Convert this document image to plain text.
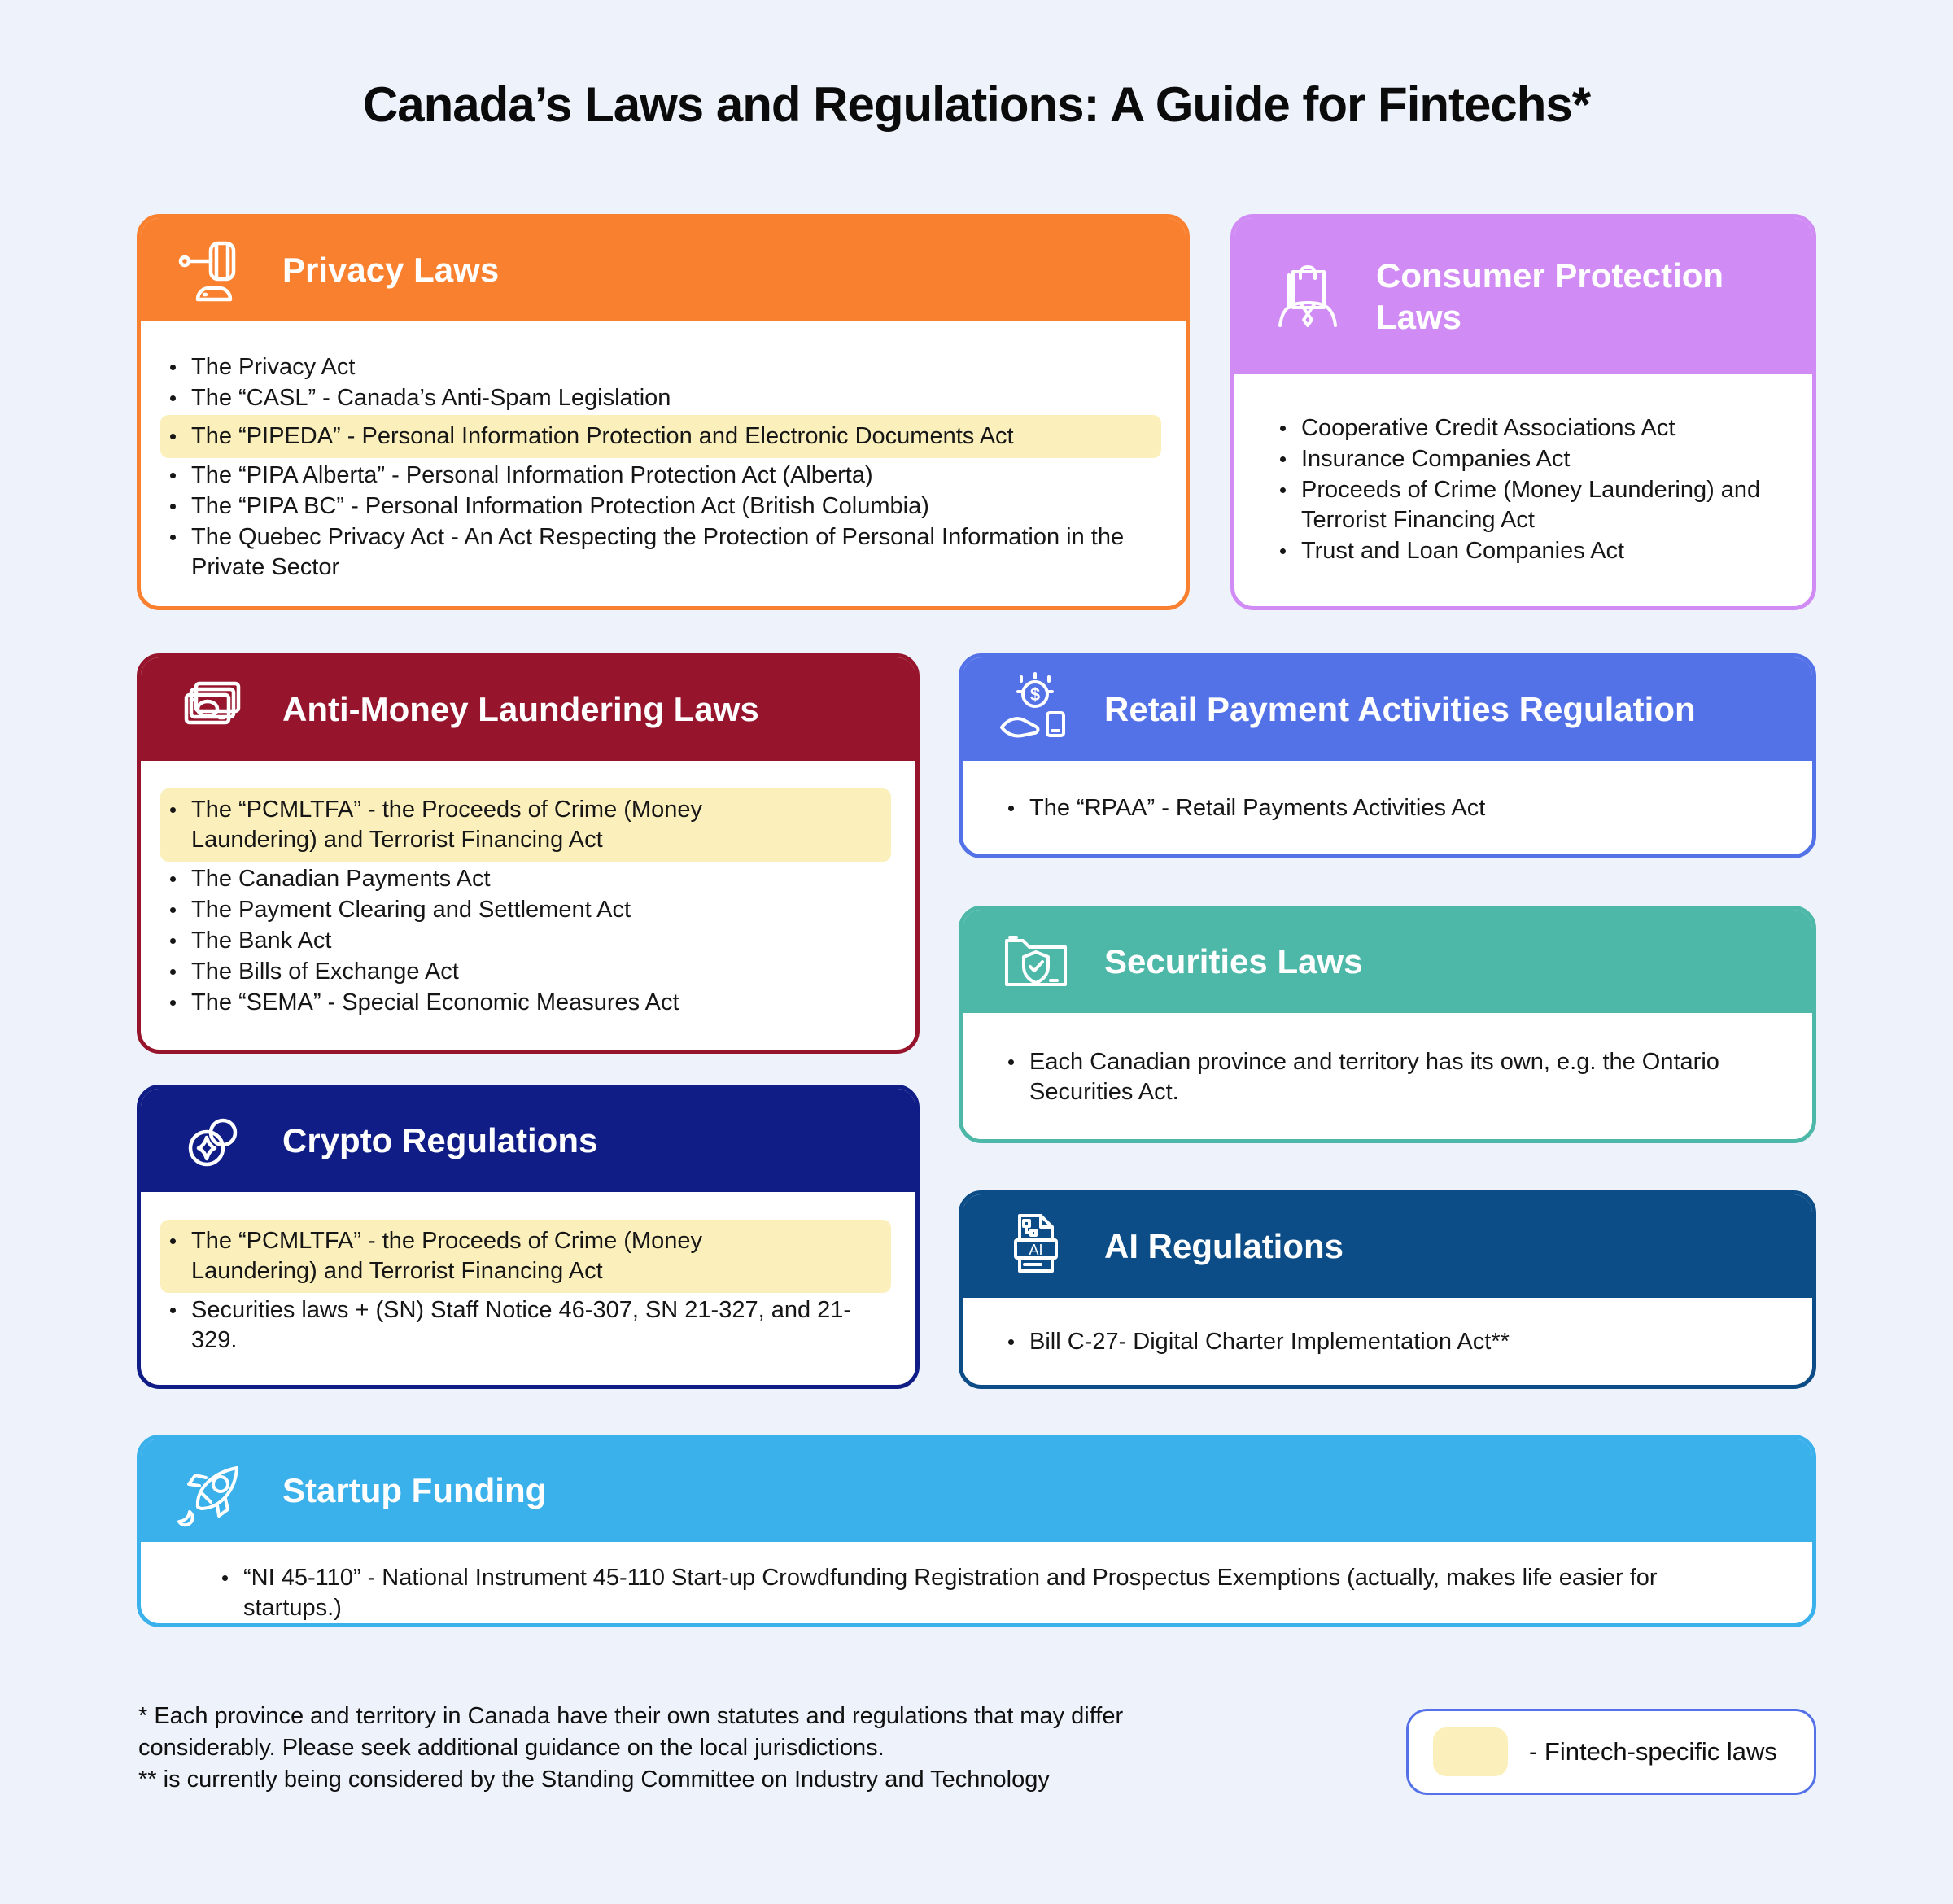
Canada’s Laws and Regulations: A Guide for Fintechs*
Privacy Laws
The Privacy Act
The “CASL” - Canada’s Anti-Spam Legislation
The “PIPEDA” - Personal Information Protection and Electronic Documents Act
The “PIPA Alberta” - Personal Information Protection Act (Alberta)
The “PIPA BC” - Personal Information Protection Act (British Columbia)
The Quebec Privacy Act - An Act Respecting the Protection of Personal Information in the Private Sector
Consumer Protection Laws
Cooperative Credit Associations Act
Insurance Companies Act
Proceeds of Crime (Money Laundering) and Terrorist Financing Act
Trust and Loan Companies Act
Anti-Money Laundering Laws
The “PCMLTFA” - the Proceeds of Crime (Money Laundering) and Terrorist Financing Act
The Canadian Payments Act
The Payment Clearing and Settlement Act
The Bank Act
The Bills of Exchange Act
The “SEMA” - Special Economic Measures Act
$ Retail Payment Activities Regulation
The “RPAA” - Retail Payments Activities Act
Securities Laws
Each Canadian province and territory has its own, e.g. the Ontario Securities Act.
Crypto Regulations
The “PCMLTFA” - the Proceeds of Crime (Money Laundering) and Terrorist Financing Act
Securities laws + (SN) Staff Notice 46-307, SN 21-327, and 21-329.
AI AI Regulations
Bill C-27- Digital Charter Implementation Act**
Startup Funding
“NI 45-110” - National Instrument 45-110 Start-up Crowdfunding Registration and Prospectus Exemptions (actually, makes life easier for startups.)

* Each province and territory in Canada have their own statutes and regulations that may differ considerably. Please seek additional guidance on the local jurisdictions.

** is currently being considered by the Standing Committee on Industry and Technology

- Fintech-specific laws
